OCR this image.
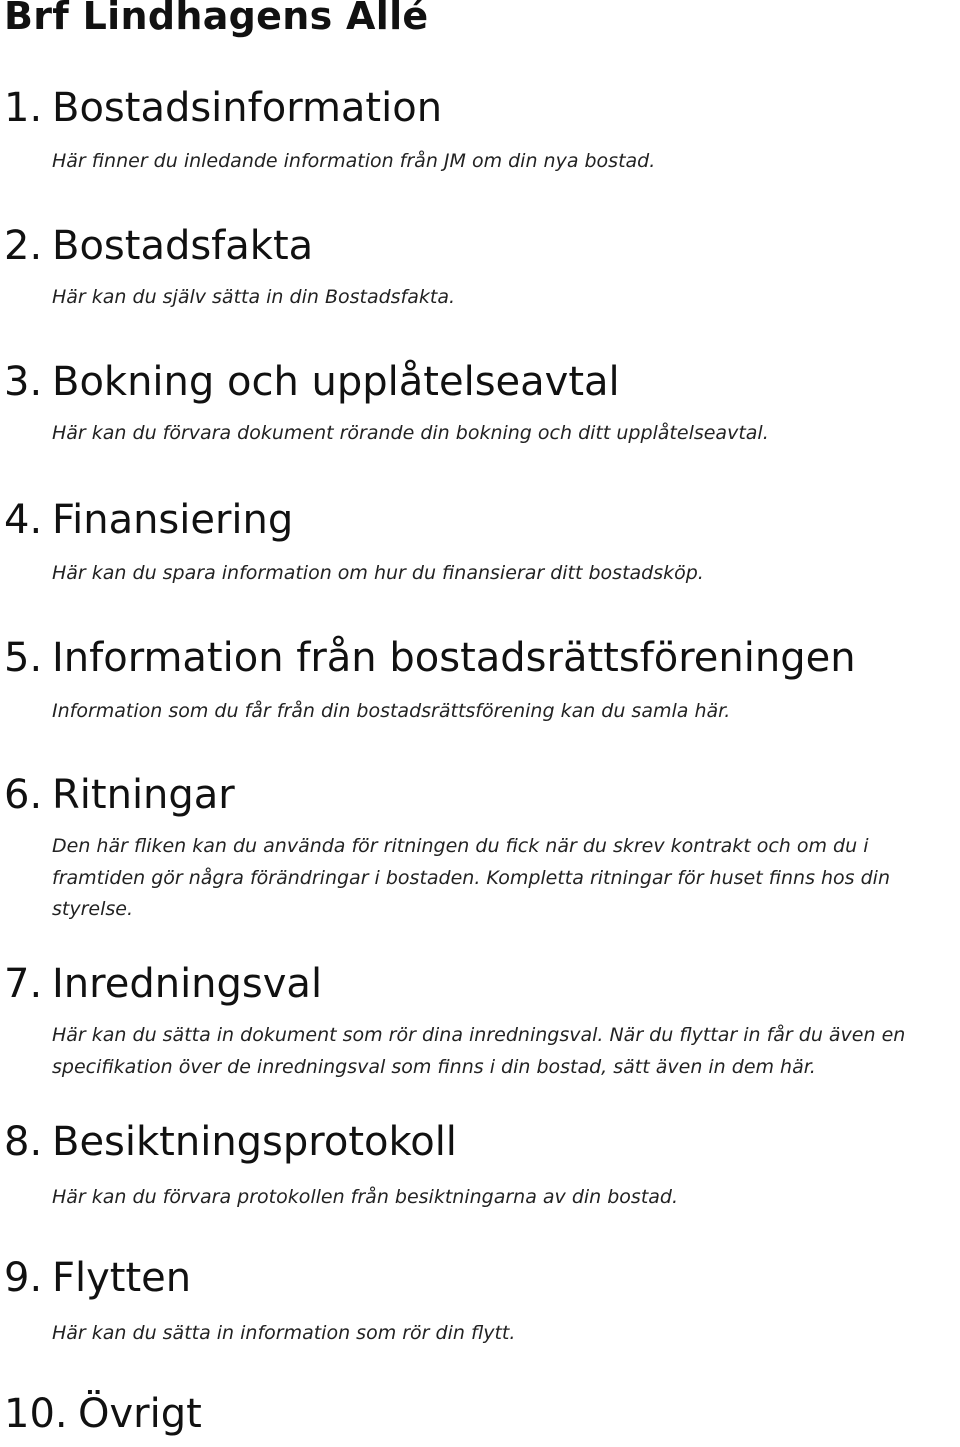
Brf Lindhagens Allé
1. Bostadsinformation

Här finner du inledande information från JM om din nya bostad.

2. Bostadsfakta

Här kan du själv sätta in din Bostadsfakta.

3. Bokning och upplåtelseavtal

Här kan du förvara dokument rörande din bokning och ditt upplåtelseavtal.

4. Finansiering

Här kan du spara information om hur du finansierar ditt bostadsköp.

5. Information från bostadsrättsföreningen

Information som du får från din bostadsrättsförening kan du samla här.

6. Ritningar

Den här fliken kan du använda för ritningen du fick när du skrev kontrakt och om du i framtiden gör några förändringar i bostaden. Kompletta ritningar för huset finns hos din styrelse.

7. Inredningsval

Här kan du sätta in dokument som rör dina inredningsval. När du flyttar in får du även en specifikation över de inredningsval som finns i din bostad, sätt även in dem här.

8. Besiktningsprotokoll

Här kan du förvara protokollen från besiktningarna av din bostad.

9. Flytten

Här kan du sätta in information som rör din flytt.

10. Övrigt
